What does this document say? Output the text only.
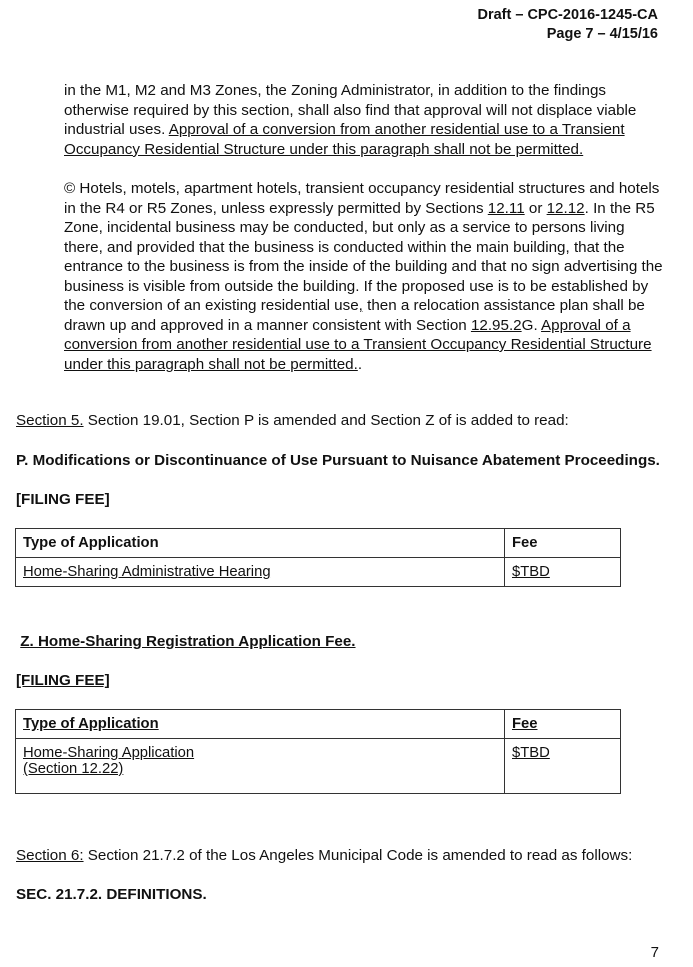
Draft – CPC-2016-1245-CA
Page 7 – 4/15/16

in the M1, M2 and M3 Zones, the Zoning Administrator, in addition to the findings otherwise required by this section, shall also find that approval will not displace viable industrial uses. Approval of a conversion from another residential use to a Transient Occupancy Residential Structure under this paragraph shall not be permitted.

© Hotels, motels, apartment hotels, transient occupancy residential structures and hotels in the R4 or R5 Zones, unless expressly permitted by Sections 12.11 or 12.12. In the R5 Zone, incidental business may be conducted, but only as a service to persons living there, and provided that the business is conducted within the main building, that the entrance to the business is from the inside of the building and that no sign advertising the business is visible from outside the building. If the proposed use is to be established by the conversion of an existing residential use, then a relocation assistance plan shall be drawn up and approved in a manner consistent with Section 12.95.2G. Approval of a conversion from another residential use to a Transient Occupancy Residential Structure under this paragraph shall not be permitted..

Section 5. Section 19.01, Section P is amended and Section Z of is added to read:
P. Modifications or Discontinuance of Use Pursuant to Nuisance Abatement Proceedings.
[FILING FEE]
Type of Application	Fee
Home-Sharing Administrative Hearing	$TBD
Z. Home-Sharing Registration Application Fee.
[FILING FEE]
Type of Application	Fee

Home-Sharing Application
(Section 12.22)	$TBD
Section 6: Section 21.7.2 of the Los Angeles Municipal Code is amended to read as follows:
SEC. 21.7.2. DEFINITIONS.
7
